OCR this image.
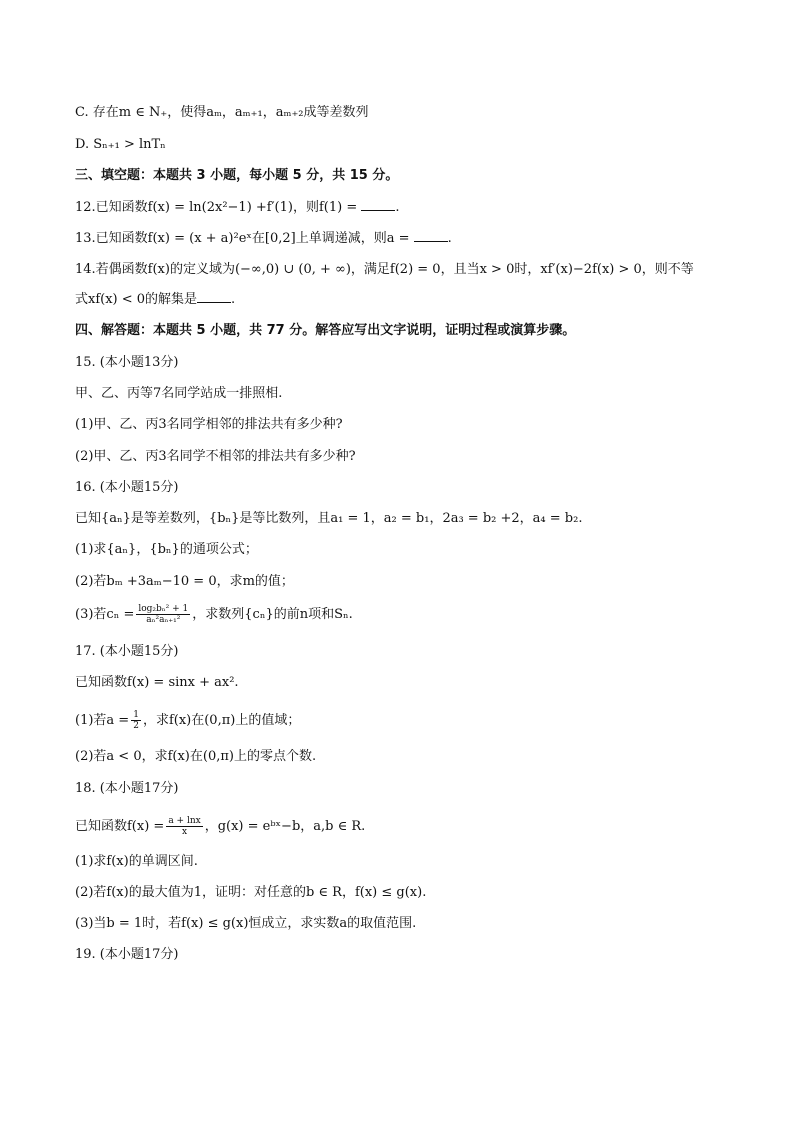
C. 存在m ∈ N₊，使得aₘ，aₘ₊₁，aₘ₊₂成等差数列
D. Sₙ₊₁ > lnTₙ
三、填空题：本题共 3 小题，每小题 5 分，共 15 分。
12.已知函数f(x) = ln(2x²−1) +f′(1)，则f(1) =	.
13.已知函数f(x) = (x + a)²eˣ在[0,2]上单调递减，则a =	.
14.若偶函数f(x)的定义域为(−∞,0) ∪ (0, + ∞)，满足f(2) = 0，且当x > 0时，xf′(x)−2f(x) > 0，则不等
式xf(x) < 0的解集是	.
四、解答题：本题共 5 小题，共 77 分。解答应写出文字说明，证明过程或演算步骤。
15. (本小题13分)
甲、乙、丙等7名同学站成一排照相.
(1)甲、乙、丙3名同学相邻的排法共有多少种?
(2)甲、乙、丙3名同学不相邻的排法共有多少种?
16. (本小题15分)
已知{aₙ}是等差数列，{bₙ}是等比数列，且a₁ = 1，a₂ = b₁，2a₃ = b₂ +2，a₄ = b₂.
(1)求{aₙ}，{bₙ}的通项公式；
(2)若bₘ +3aₘ−10 = 0，求m的值；
(3)若$c_n = \frac{\text{log₂bₙ² + 1}}{\text{aₙ²aₙ₊₁²}}$ ，求数列{cₙ}的前n项和Sₙ.
17. (本小题15分)
已知函数f(x) = sinx + ax².
(1)若$a = \frac{1}{2}$ ，求f(x)在(0,π)上的值域；
(2)若a < 0，求f(x)在(0,π)上的零点个数.
18. (本小题17分)
已知函数$f(x) = \frac{a + \ln x}{x}$ ，g(x) = eᵇˣ−b，a,b ∈ R.
(1)求f(x)的单调区间.
(2)若f(x)的最大值为1，证明：对任意的b ∈ R，f(x) ≤ g(x).
(3)当b = 1时，若f(x) ≤ g(x)恒成立，求实数a的取值范围.
19. (本小题17分)
